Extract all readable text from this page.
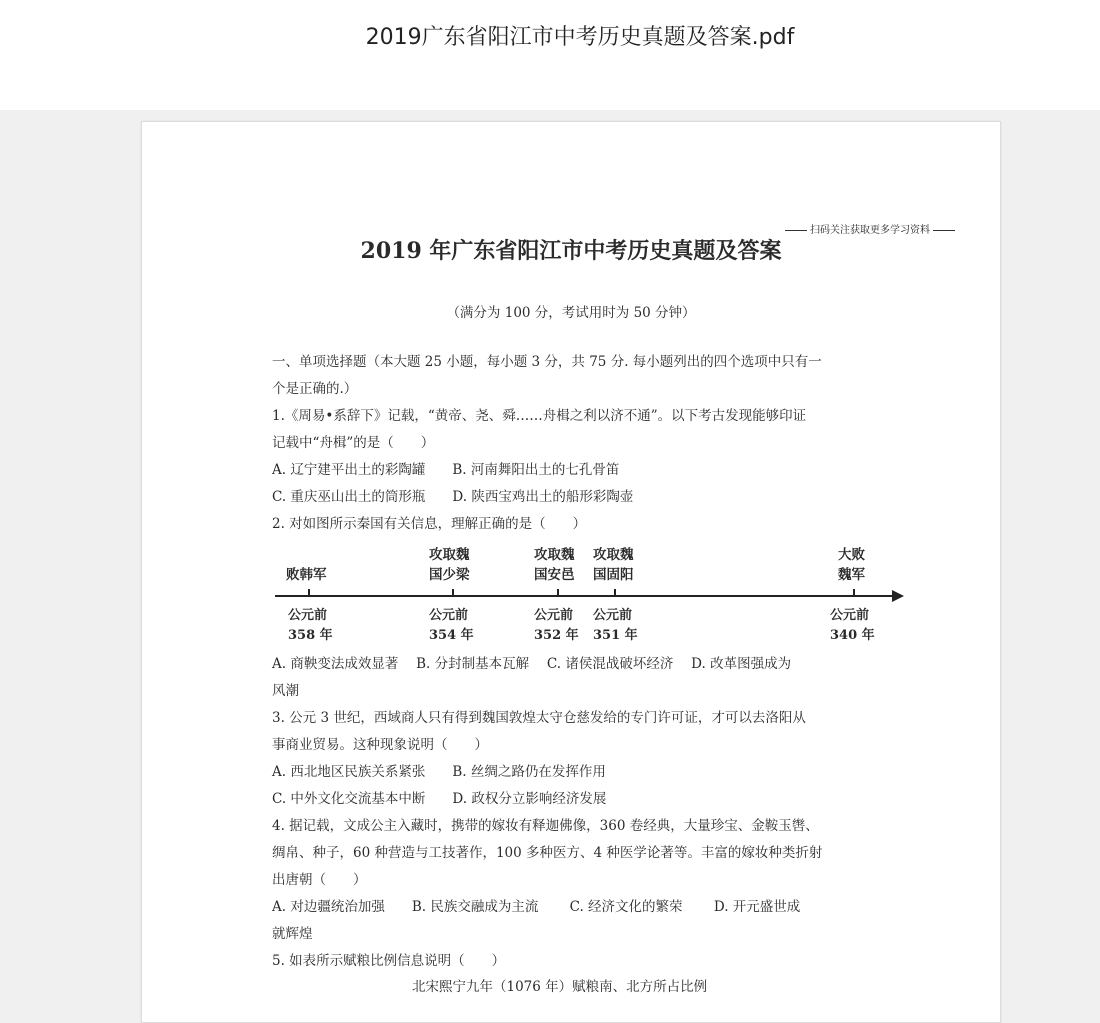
2019广东省阳江市中考历史真题及答案.pdf
扫码关注获取更多学习资料
2019 年广东省阳江市中考历史真题及答案
（满分为 100 分，考试用时为 50 分钟）
一、单项选择题（本大题 25 小题，每小题 3 分，共 75 分. 每小题列出的四个选项中只有一
个是正确的.）
1.《周易•系辞下》记载，“黄帝、尧、舜……舟楫之利以济不通”。以下考古发现能够印证
记载中“舟楫”的是（　　）
A. 辽宁建平出土的彩陶罐　　B. 河南舞阳出土的七孔骨笛
C. 重庆巫山出土的筒形瓶　　D. 陕西宝鸡出土的船形彩陶壶
2. 对如图所示秦国有关信息，理解正确的是（　　）
败韩军
攻取魏
国少梁
攻取魏
国安邑
攻取魏
国固阳
大败
魏军
公元前
358 年
公元前
354 年
公元前
352 年
公元前
351 年
公元前
340 年
A. 商鞅变法成效显著　 B. 分封制基本瓦解　 C. 诸侯混战破坏经济　 D. 改革图强成为
风潮
3. 公元 3 世纪，西域商人只有得到魏国敦煌太守仓慈发给的专门许可证，才可以去洛阳从
事商业贸易。这种现象说明（　　）
A. 西北地区民族关系紧张　　B. 丝绸之路仍在发挥作用
C. 中外文化交流基本中断　　D. 政权分立影响经济发展
4. 据记载，文成公主入藏时，携带的嫁妆有释迦佛像，360 卷经典，大量珍宝、金鞍玉辔、
绸帛、种子，60 种营造与工技著作，100 多种医方、4 种医学论著等。丰富的嫁妆种类折射
出唐朝（　　）
A. 对边疆统治加强　　B. 民族交融成为主流　　 C. 经济文化的繁荣　　 D. 开元盛世成
就辉煌
5. 如表所示赋粮比例信息说明（　　）
北宋熙宁九年（1076 年）赋粮南、北方所占比例
